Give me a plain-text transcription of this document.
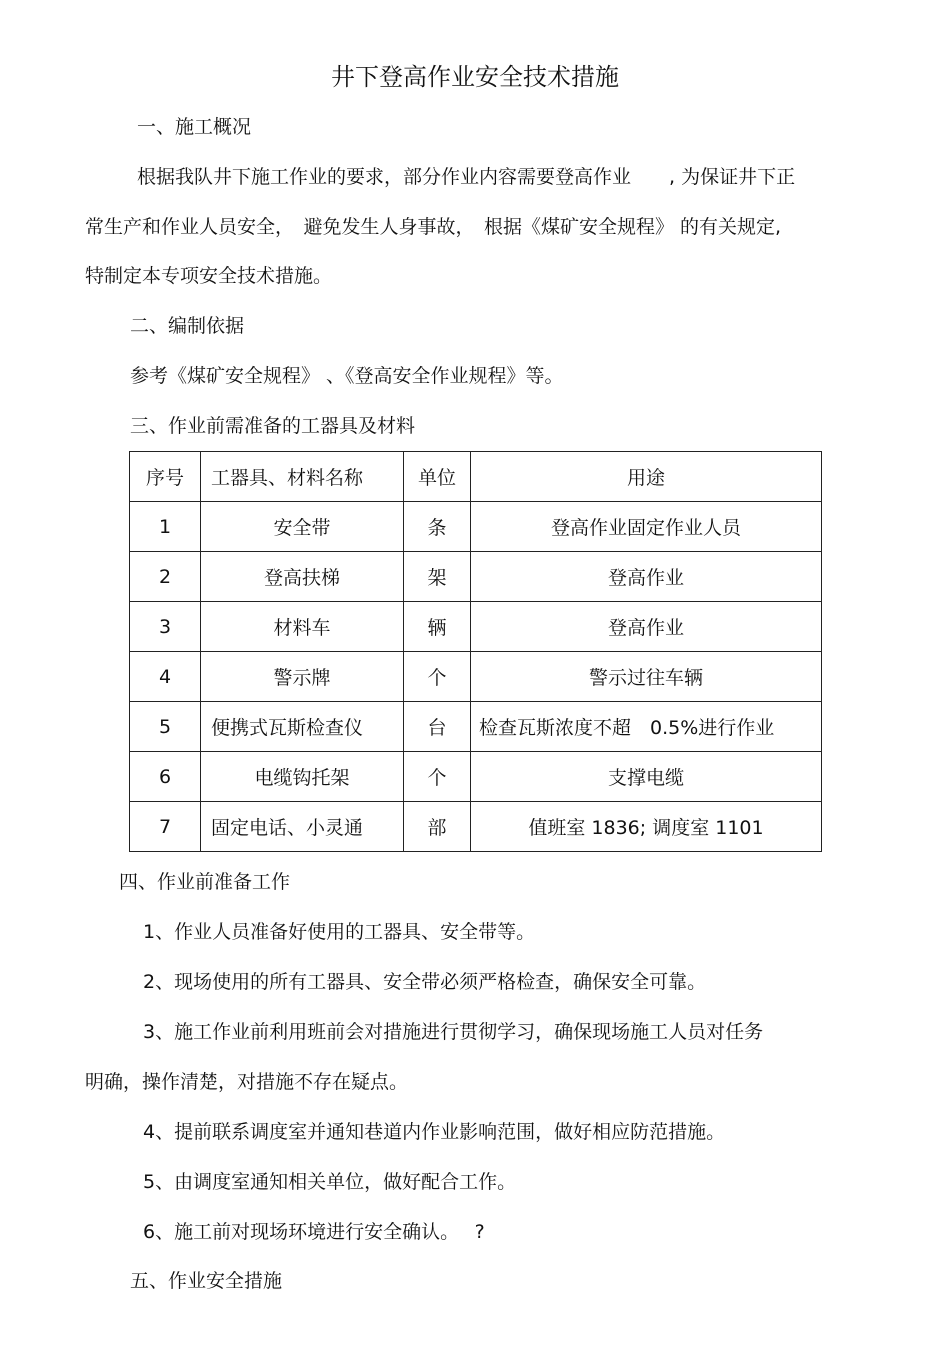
井下登高作业安全技术措施

一、施工概况

根据我队井下施工作业的要求，部分作业内容需要登高作业　　, 为保证井下正

常生产和作业人员安全，　避免发生人身事故，　根据《煤矿安全规程》 的有关规定,

特制定本专项安全技术措施。

二、编制依据

参考《煤矿安全规程》 、《登高安全作业规程》等。

三、作业前需准备的工器具及材料

序号	工器具、材料名称	单位	用途
1	安全带	条	登高作业固定作业人员
2	登高扶梯	架	登高作业
3	材料车	辆	登高作业
4	警示牌	个	警示过往车辆
5	便携式瓦斯检查仪	台	检查瓦斯浓度不超　0.5%进行作业
6	电缆钩托架	个	支撑电缆
7	固定电话、小灵通	部	值班室 1836; 调度室 1101

四、作业前准备工作

1、作业人员准备好使用的工器具、安全带等。

2、现场使用的所有工器具、安全带必须严格检查，确保安全可靠。

3、施工作业前利用班前会对措施进行贯彻学习，确保现场施工人员对任务

明确，操作清楚，对措施不存在疑点。

4、提前联系调度室并通知巷道内作业影响范围，做好相应防范措施。

5、由调度室通知相关单位，做好配合工作。

6、施工前对现场环境进行安全确认。　 ?

五、作业安全措施
